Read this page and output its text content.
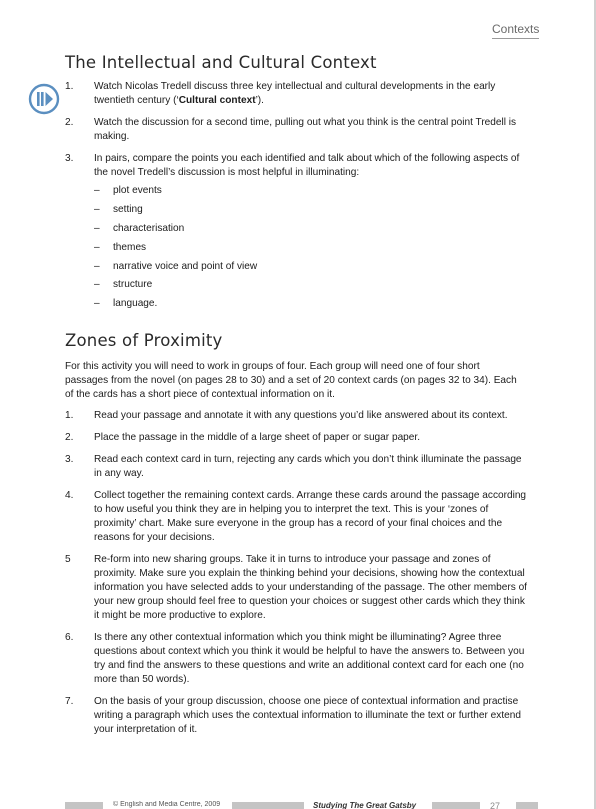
Contexts
The Intellectual and Cultural Context
1. Watch Nicolas Tredell discuss three key intellectual and cultural developments in the early twentieth century (‘Cultural context’).
2. Watch the discussion for a second time, pulling out what you think is the central point Tredell is making.
3. In pairs, compare the points you each identified and talk about which of the following aspects of the novel Tredell’s discussion is most helpful in illuminating:
– plot events
– setting
– characterisation
– themes
– narrative voice and point of view
– structure
– language.
Zones of Proximity

For this activity you will need to work in groups of four. Each group will need one of four short passages from the novel (on pages 28 to 30) and a set of 20 context cards (on pages 32 to 34). Each of the cards has a short piece of contextual information on it.

1. Read your passage and annotate it with any questions you’d like answered about its context.
2. Place the passage in the middle of a large sheet of paper or sugar paper.
3. Read each context card in turn, rejecting any cards which you don’t think illuminate the passage in any way.
4. Collect together the remaining context cards. Arrange these cards around the passage according to how useful you think they are in helping you to interpret the text. This is your ‘zones of proximity’ chart. Make sure everyone in the group has a record of your final choices and the reasons for your decisions.
5 Re-form into new sharing groups. Take it in turns to introduce your passage and zones of proximity. Make sure you explain the thinking behind your decisions, showing how the contextual information you have selected adds to your understanding of the passage. The other members of your new group should feel free to question your choices or suggest other cards which they think it might be more productive to explore.
6. Is there any other contextual information which you think might be illuminating? Agree three questions about context which you think it would be helpful to have the answers to. Between you try and find the answers to these questions and write an additional context card for each one (no more than 50 words).
7. On the basis of your group discussion, choose one piece of contextual information and practise writing a paragraph which uses the contextual information to illuminate the text or further extend your interpretation of it.
© English and Media Centre, 2009	Studying The Great Gatsby	27
